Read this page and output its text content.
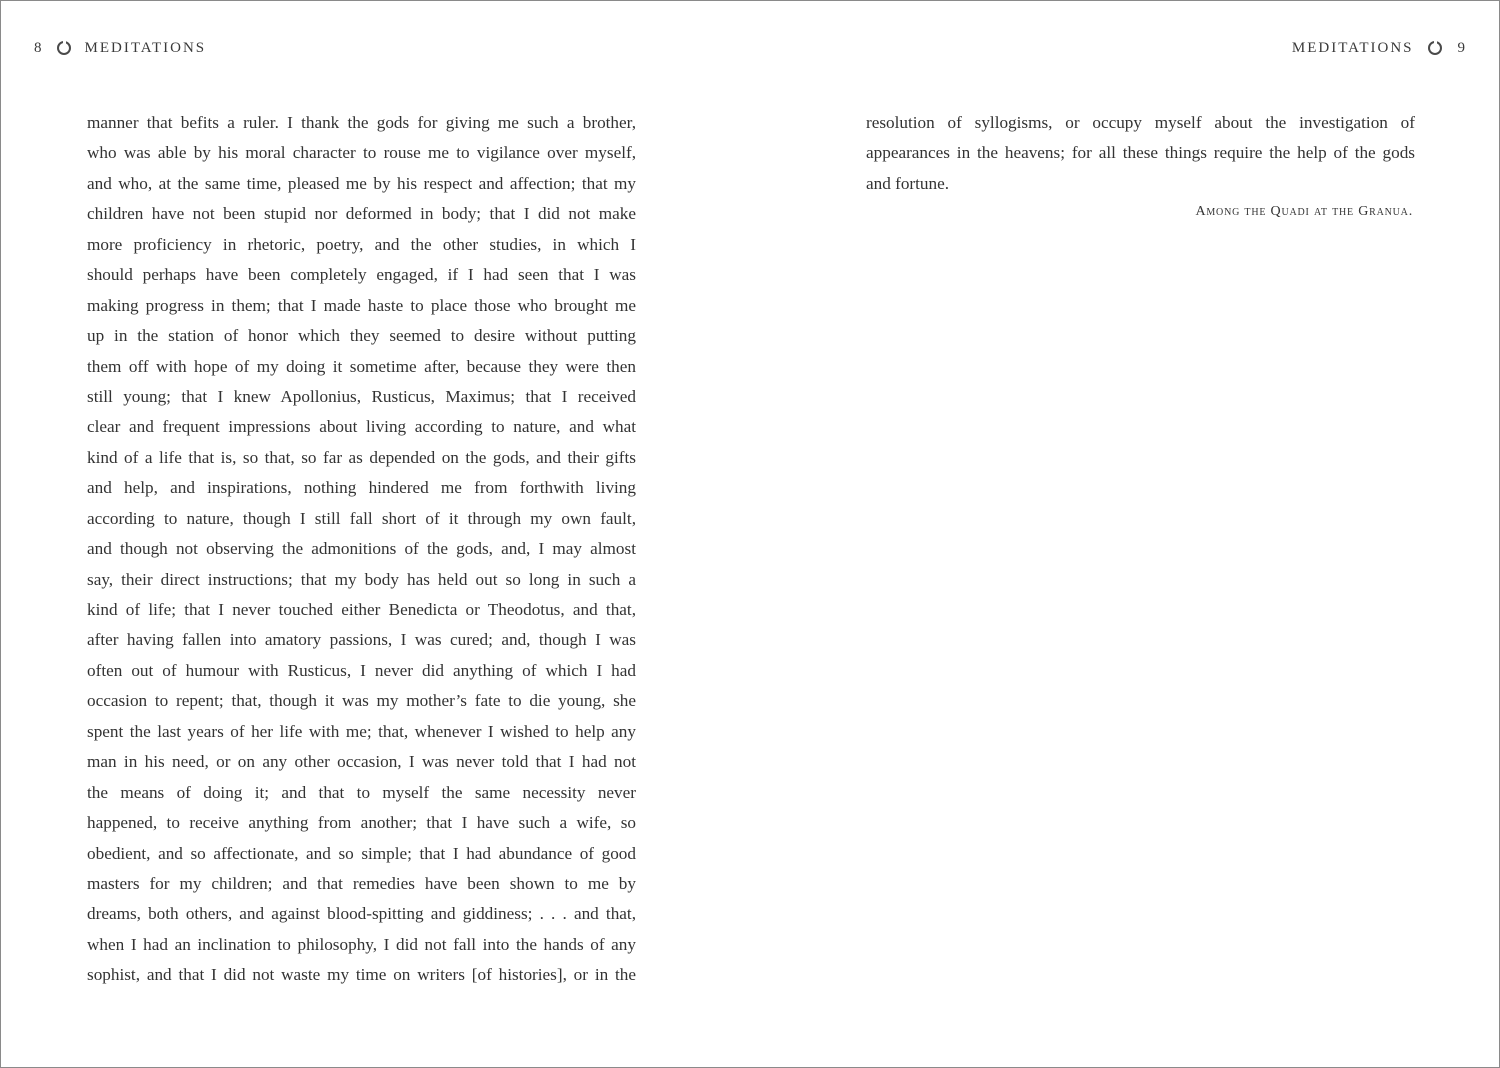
8	MEDITATIONS
manner that befits a ruler. I thank the gods for giving me such a brother,
who was able by his moral character to rouse me to vigilance over myself,
and who, at the same time, pleased me by his respect and affection; that my
children have not been stupid nor deformed in body; that I did not make
more proficiency in rhetoric, poetry, and the other studies, in which I
should perhaps have been completely engaged, if I had seen that I was
making progress in them; that I made haste to place those who brought me
up in the station of honor which they seemed to desire without putting
them off with hope of my doing it sometime after, because they were then
still young; that I knew Apollonius, Rusticus, Maximus; that I received
clear and frequent impressions about living according to nature, and what
kind of a life that is, so that, so far as depended on the gods, and their gifts
and help, and inspirations, nothing hindered me from forthwith living
according to nature, though I still fall short of it through my own fault,
and though not observing the admonitions of the gods, and, I may almost
say, their direct instructions; that my body has held out so long in such a
kind of life; that I never touched either Benedicta or Theodotus, and that,
after having fallen into amatory passions, I was cured; and, though I was
often out of humour with Rusticus, I never did anything of which I had
occasion to repent; that, though it was my mother’s fate to die young, she
spent the last years of her life with me; that, whenever I wished to help any
man in his need, or on any other occasion, I was never told that I had not
the means of doing it; and that to myself the same necessity never
happened, to receive anything from another; that I have such a wife, so
obedient, and so affectionate, and so simple; that I had abundance of good
masters for my children; and that remedies have been shown to me by
dreams, both others, and against blood-spitting and giddiness; . . . and that,
when I had an inclination to philosophy, I did not fall into the hands of any
sophist, and that I did not waste my time on writers [of histories], or in the
MEDITATIONS	9
resolution of syllogisms, or occupy myself about the investigation of
appearances in the heavens; for all these things require the help of the gods
and fortune.
Among the Quadi at the Granua.
